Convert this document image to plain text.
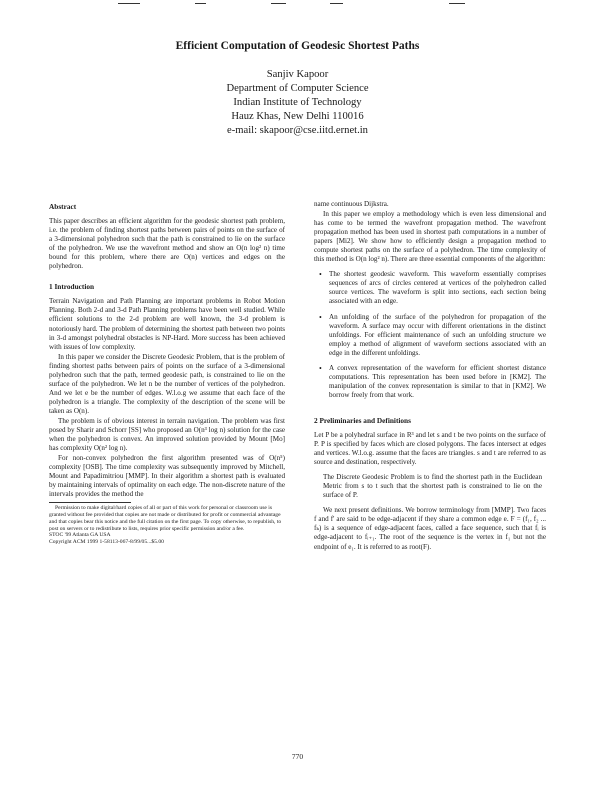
Efficient Computation of Geodesic Shortest Paths
Sanjiv Kapoor
Department of Computer Science
Indian Institute of Technology
Hauz Khas, New Delhi 110016
e-mail: skapoor@cse.iitd.ernet.in
Abstract
This paper describes an efficient algorithm for the geodesic shortest path problem, i.e. the problem of finding shortest paths between pairs of points on the surface of a 3-dimensional polyhedron such that the path is constrained to lie on the surface of the polyhedron. We use the wavefront method and show an O(n log² n) time bound for this problem, where there are O(n) vertices and edges on the polyhedron.
1 Introduction
Terrain Navigation and Path Planning are important problems in Robot Motion Planning. Both 2-d and 3-d Path Planning problems have been well studied. While efficient solutions to the 2-d problem are well known, the 3-d problem is notoriously hard. The problem of determining the shortest path between two points in 3-d amongst polyhedral obstacles is NP-Hard. More success has been achieved with issues of low complexity.
In this paper we consider the Discrete Geodesic Problem, that is the problem of finding shortest paths between pairs of points on the surface of a 3-dimensional polyhedron such that the path, termed geodesic path, is constrained to lie on the surface of the polyhedron. We let n be the number of vertices of the polyhedron. And we let e be the number of edges. W.l.o.g we assume that each face of the polyhedron is a triangle. The complexity of the description of the scene will be taken as O(n).
The problem is of obvious interest in terrain navigation. The problem was first posed by Sharir and Schorr [SS] who proposed an O(n³ log n) solution for the case when the polyhedron is convex. An improved solution provided by Mount [Mo] has complexity O(n² log n).
For non-convex polyhedron the first algorithm presented was of O(n⁵) complexity [OSB]. The time complexity was subsequently improved by Mitchell, Mount and Papadimitriou [MMP]. In their algorithm a shortest path is evaluated by maintaining intervals of optimality on each edge. The non-discrete nature of the intervals provides the method the
Permission to make digital/hard copies of all or part of this work for personal or classroom use is granted without fee provided that copies are not made or distributed for profit or commercial advantage and that copies bear this notice and the full citation on the first page. To copy otherwise, to republish, to post on servers or to redistribute to lists, requires prior specific permission and/or a fee.
STOC '99 Atlanta GA USA
Copyright ACM 1999 1-58113-067-8/99/05...$5.00
name continuous Dijkstra.
In this paper we employ a methodology which is even less dimensional and has come to be termed the wavefront propagation method. The wavefront propagation method has been used in shortest path computations in a number of papers [Mi2]. We show how to efficiently design a propagation method to compute shortest paths on the surface of a polyhedron. The time complexity of this method is O(n log² n). There are three essential components of the algorithm:
• The shortest geodesic waveform. This waveform essentially comprises sequences of arcs of circles centered at vertices of the polyhedron called source vertices. The waveform is split into sections, each section being associated with an edge.
• An unfolding of the surface of the polyhedron for propagation of the waveform. A surface may occur with different orientations in the distinct unfoldings. For efficient maintenance of such an unfolding structure we employ a method of alignment of waveform sections associated with an edge in the different unfoldings.
• A convex representation of the waveform for efficient shortest distance computations. This representation has been used before in [KM2]. The manipulation of the convex representation is similar to that in [KM2]. We borrow freely from that work.
2 Preliminaries and Definitions
Let P be a polyhedral surface in R³ and let s and t be two points on the surface of P. P is specified by faces which are closed polygons. The faces intersect at edges and vertices. W.l.o.g. assume that the faces are triangles. s and t are referred to as source and destination, respectively.
The Discrete Geodesic Problem is to find the shortest path in the Euclidean Metric from s to t such that the shortest path is constrained to lie on the surface of P.
We next present definitions. We borrow terminology from [MMP]. Two faces f and f' are said to be edge-adjacent if they share a common edge e. F = (f₁, f₂ ... fₖ) is a sequence of edge-adjacent faces, called a face sequence, such that fᵢ is edge-adjacent to fᵢ₊₁. The root of the sequence is the vertex in f₁ but not the endpoint of e₁. It is referred to as root(F).
770
